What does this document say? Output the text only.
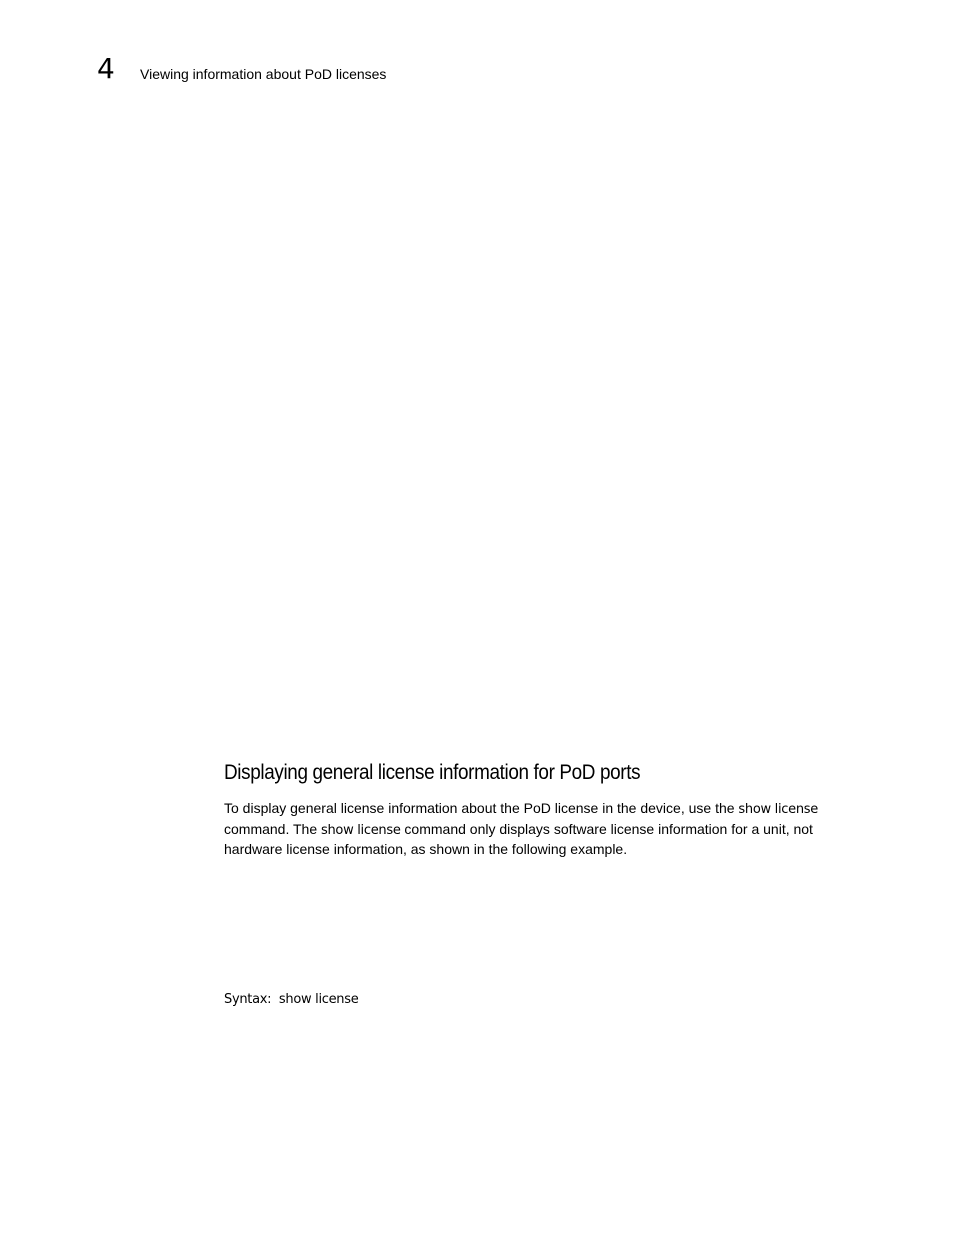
4 Viewing information about PoD licenses
Displaying general license information for PoD ports

To display general license information about the PoD license in the device, use the show license command. The show license command only displays software license information for a unit, not hardware license information, as shown in the following example.

Syntax: show license
